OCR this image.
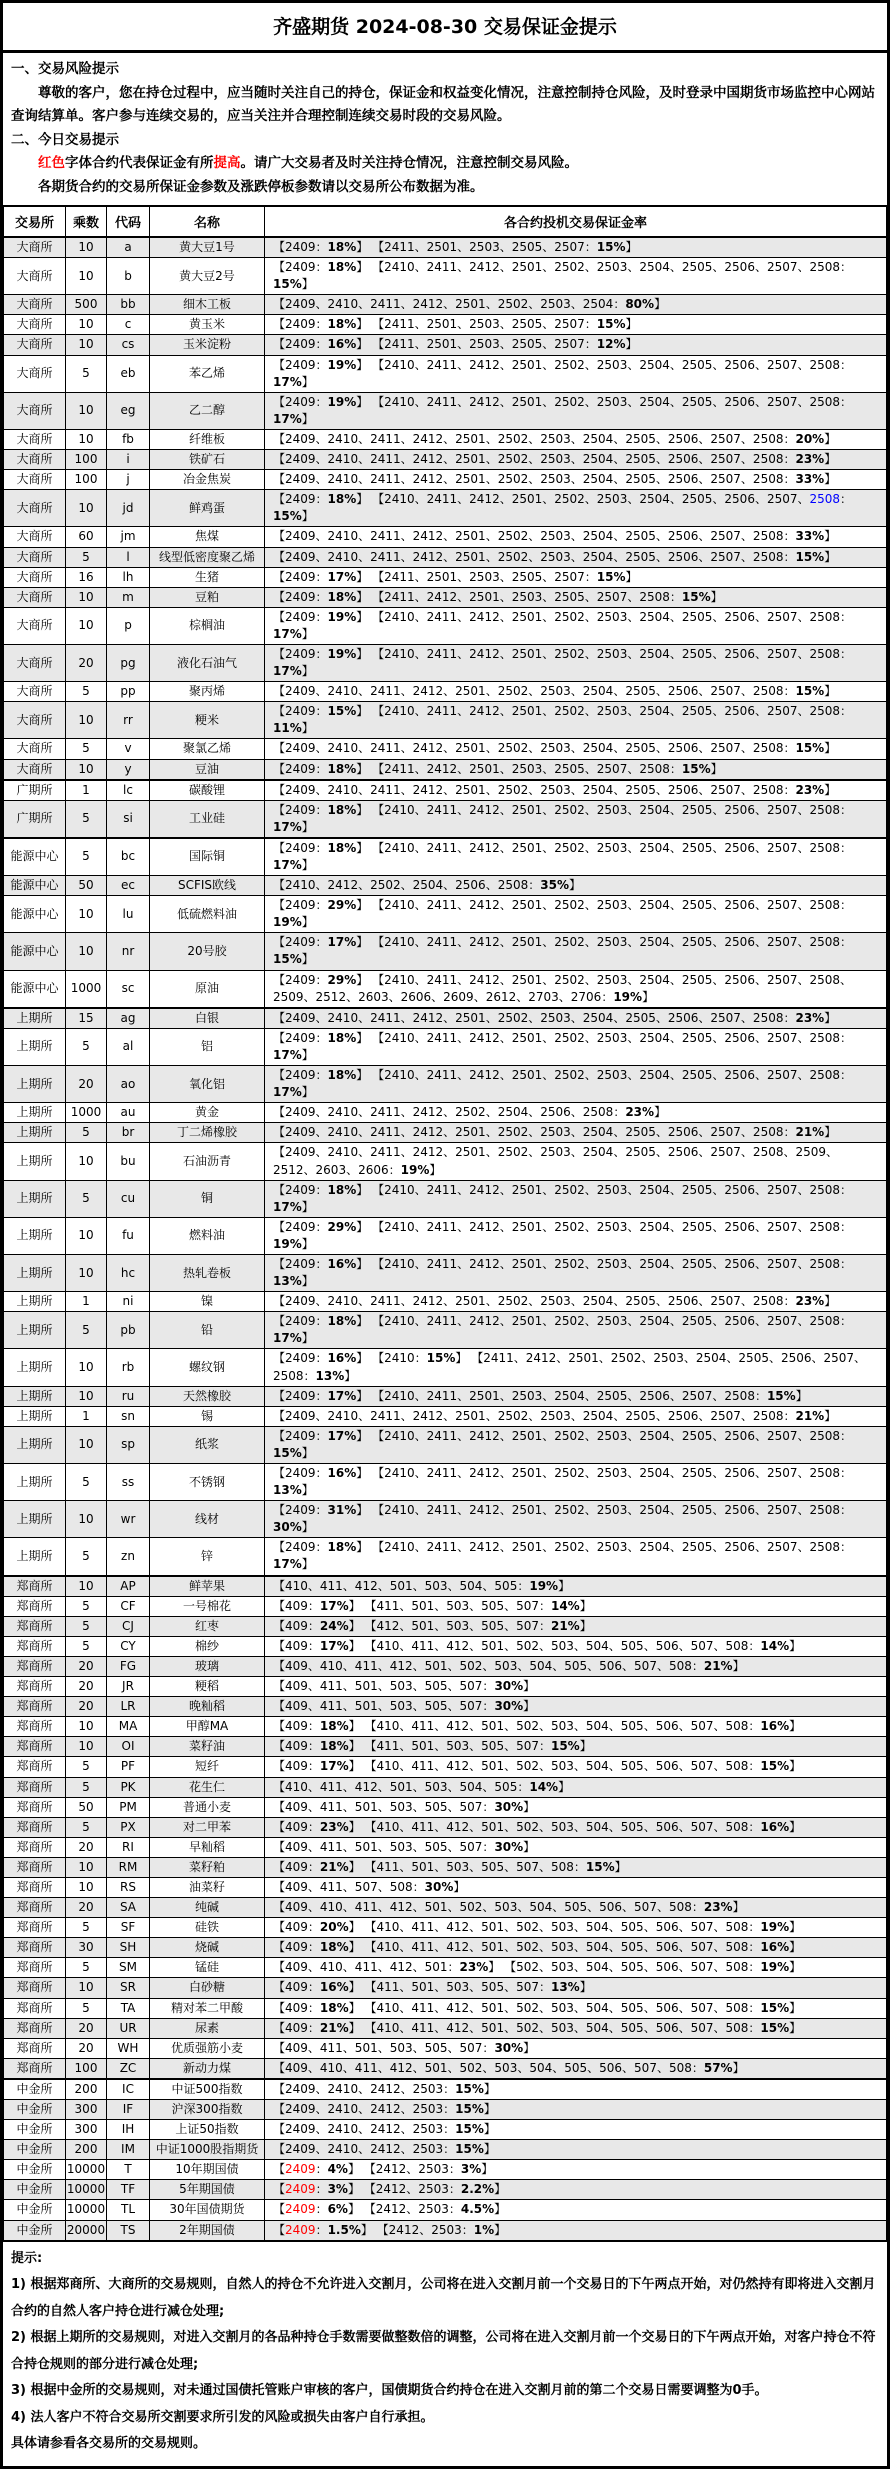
齐盛期货 2024-08-30 交易保证金提示

一、交易风险提示

尊敬的客户，您在持仓过程中，应当随时关注自己的持仓，保证金和权益变化情况，注意控制持仓风险，及时登录中国期货市场监控中心网站查询结算单。客户参与连续交易的，应当关注并合理控制连续交易时段的交易风险。

二、今日交易提示

红色字体合约代表保证金有所提高。请广大交易者及时关注持仓情况，注意控制交易风险。

各期货合约的交易所保证金参数及涨跌停板参数请以交易所公布数据为准。

交易所	乘数	代码	名称	各合约投机交易保证金率
大商所	10	a	黄大豆1号	【2409：18%】 【2411、2501、2503、2505、2507：15%】
大商所	10	b	黄大豆2号	【2409：18%】 【2410、2411、2412、2501、2502、2503、2504、2505、2506、2507、2508：15%】
大商所	500	bb	细木工板	【2409、2410、2411、2412、2501、2502、2503、2504：80%】
大商所	10	c	黄玉米	【2409：18%】 【2411、2501、2503、2505、2507：15%】
大商所	10	cs	玉米淀粉	【2409：16%】 【2411、2501、2503、2505、2507：12%】
大商所	5	eb	苯乙烯	【2409：19%】 【2410、2411、2412、2501、2502、2503、2504、2505、2506、2507、2508：17%】
大商所	10	eg	乙二醇	【2409：19%】 【2410、2411、2412、2501、2502、2503、2504、2505、2506、2507、2508：17%】
大商所	10	fb	纤维板	【2409、2410、2411、2412、2501、2502、2503、2504、2505、2506、2507、2508：20%】
大商所	100	i	铁矿石	【2409、2410、2411、2412、2501、2502、2503、2504、2505、2506、2507、2508：23%】
大商所	100	j	冶金焦炭	【2409、2410、2411、2412、2501、2502、2503、2504、2505、2506、2507、2508：33%】
大商所	10	jd	鲜鸡蛋	【2409：18%】 【2410、2411、2412、2501、2502、2503、2504、2505、2506、2507、2508：15%】
大商所	60	jm	焦煤	【2409、2410、2411、2412、2501、2502、2503、2504、2505、2506、2507、2508：33%】
大商所	5	l	线型低密度聚乙烯	【2409、2410、2411、2412、2501、2502、2503、2504、2505、2506、2507、2508：15%】
大商所	16	lh	生猪	【2409：17%】 【2411、2501、2503、2505、2507：15%】
大商所	10	m	豆粕	【2409：18%】 【2411、2412、2501、2503、2505、2507、2508：15%】
大商所	10	p	棕榈油	【2409：19%】 【2410、2411、2412、2501、2502、2503、2504、2505、2506、2507、2508：17%】
大商所	20	pg	液化石油气	【2409：19%】 【2410、2411、2412、2501、2502、2503、2504、2505、2506、2507、2508：17%】
大商所	5	pp	聚丙烯	【2409、2410、2411、2412、2501、2502、2503、2504、2505、2506、2507、2508：15%】
大商所	10	rr	粳米	【2409：15%】 【2410、2411、2412、2501、2502、2503、2504、2505、2506、2507、2508：11%】
大商所	5	v	聚氯乙烯	【2409、2410、2411、2412、2501、2502、2503、2504、2505、2506、2507、2508：15%】
大商所	10	y	豆油	【2409：18%】 【2411、2412、2501、2503、2505、2507、2508：15%】
广期所	1	lc	碳酸锂	【2409、2410、2411、2412、2501、2502、2503、2504、2505、2506、2507、2508：23%】
广期所	5	si	工业硅	【2409：18%】 【2410、2411、2412、2501、2502、2503、2504、2505、2506、2507、2508：17%】
能源中心	5	bc	国际铜	【2409：18%】 【2410、2411、2412、2501、2502、2503、2504、2505、2506、2507、2508：17%】
能源中心	50	ec	SCFIS欧线	【2410、2412、2502、2504、2506、2508：35%】
能源中心	10	lu	低硫燃料油	【2409：29%】 【2410、2411、2412、2501、2502、2503、2504、2505、2506、2507、2508：19%】
能源中心	10	nr	20号胶	【2409：17%】 【2410、2411、2412、2501、2502、2503、2504、2505、2506、2507、2508：15%】
能源中心	1000	sc	原油	【2409：29%】 【2410、2411、2412、2501、2502、2503、2504、2505、2506、2507、2508、2509、2512、2603、2606、2609、2612、2703、2706：19%】
上期所	15	ag	白银	【2409、2410、2411、2412、2501、2502、2503、2504、2505、2506、2507、2508：23%】
上期所	5	al	铝	【2409：18%】 【2410、2411、2412、2501、2502、2503、2504、2505、2506、2507、2508：17%】
上期所	20	ao	氧化铝	【2409：18%】 【2410、2411、2412、2501、2502、2503、2504、2505、2506、2507、2508：17%】
上期所	1000	au	黄金	【2409、2410、2411、2412、2502、2504、2506、2508：23%】
上期所	5	br	丁二烯橡胶	【2409、2410、2411、2412、2501、2502、2503、2504、2505、2506、2507、2508：21%】
上期所	10	bu	石油沥青	【2409、2410、2411、2412、2501、2502、2503、2504、2505、2506、2507、2508、2509、2512、2603、2606：19%】
上期所	5	cu	铜	【2409：18%】 【2410、2411、2412、2501、2502、2503、2504、2505、2506、2507、2508：17%】
上期所	10	fu	燃料油	【2409：29%】 【2410、2411、2412、2501、2502、2503、2504、2505、2506、2507、2508：19%】
上期所	10	hc	热轧卷板	【2409：16%】 【2410、2411、2412、2501、2502、2503、2504、2505、2506、2507、2508：13%】
上期所	1	ni	镍	【2409、2410、2411、2412、2501、2502、2503、2504、2505、2506、2507、2508：23%】
上期所	5	pb	铅	【2409：18%】 【2410、2411、2412、2501、2502、2503、2504、2505、2506、2507、2508：17%】
上期所	10	rb	螺纹钢	【2409：16%】 【2410：15%】 【2411、2412、2501、2502、2503、2504、2505、2506、2507、2508：13%】
上期所	10	ru	天然橡胶	【2409：17%】 【2410、2411、2501、2503、2504、2505、2506、2507、2508：15%】
上期所	1	sn	锡	【2409、2410、2411、2412、2501、2502、2503、2504、2505、2506、2507、2508：21%】
上期所	10	sp	纸浆	【2409：17%】 【2410、2411、2412、2501、2502、2503、2504、2505、2506、2507、2508：15%】
上期所	5	ss	不锈钢	【2409：16%】 【2410、2411、2412、2501、2502、2503、2504、2505、2506、2507、2508：13%】
上期所	10	wr	线材	【2409：31%】 【2410、2411、2412、2501、2502、2503、2504、2505、2506、2507、2508：30%】
上期所	5	zn	锌	【2409：18%】 【2410、2411、2412、2501、2502、2503、2504、2505、2506、2507、2508：17%】
郑商所	10	AP	鲜苹果	【410、411、412、501、503、504、505：19%】
郑商所	5	CF	一号棉花	【409：17%】 【411、501、503、505、507：14%】
郑商所	5	CJ	红枣	【409：24%】 【412、501、503、505、507：21%】
郑商所	5	CY	棉纱	【409：17%】 【410、411、412、501、502、503、504、505、506、507、508：14%】
郑商所	20	FG	玻璃	【409、410、411、412、501、502、503、504、505、506、507、508：21%】
郑商所	20	JR	粳稻	【409、411、501、503、505、507：30%】
郑商所	20	LR	晚籼稻	【409、411、501、503、505、507：30%】
郑商所	10	MA	甲醇MA	【409：18%】 【410、411、412、501、502、503、504、505、506、507、508：16%】
郑商所	10	OI	菜籽油	【409：18%】 【411、501、503、505、507：15%】
郑商所	5	PF	短纤	【409：17%】 【410、411、412、501、502、503、504、505、506、507、508：15%】
郑商所	5	PK	花生仁	【410、411、412、501、503、504、505：14%】
郑商所	50	PM	普通小麦	【409、411、501、503、505、507：30%】
郑商所	5	PX	对二甲苯	【409：23%】 【410、411、412、501、502、503、504、505、506、507、508：16%】
郑商所	20	RI	早籼稻	【409、411、501、503、505、507：30%】
郑商所	10	RM	菜籽粕	【409：21%】 【411、501、503、505、507、508：15%】
郑商所	10	RS	油菜籽	【409、411、507、508：30%】
郑商所	20	SA	纯碱	【409、410、411、412、501、502、503、504、505、506、507、508：23%】
郑商所	5	SF	硅铁	【409：20%】 【410、411、412、501、502、503、504、505、506、507、508：19%】
郑商所	30	SH	烧碱	【409：18%】 【410、411、412、501、502、503、504、505、506、507、508：16%】
郑商所	5	SM	锰硅	【409、410、411、412、501：23%】 【502、503、504、505、506、507、508：19%】
郑商所	10	SR	白砂糖	【409：16%】 【411、501、503、505、507：13%】
郑商所	5	TA	精对苯二甲酸	【409：18%】 【410、411、412、501、502、503、504、505、506、507、508：15%】
郑商所	20	UR	尿素	【409：21%】 【410、411、412、501、502、503、504、505、506、507、508：15%】
郑商所	20	WH	优质强筋小麦	【409、411、501、503、505、507：30%】
郑商所	100	ZC	新动力煤	【409、410、411、412、501、502、503、504、505、506、507、508：57%】
中金所	200	IC	中证500指数	【2409、2410、2412、2503：15%】
中金所	300	IF	沪深300指数	【2409、2410、2412、2503：15%】
中金所	300	IH	上证50指数	【2409、2410、2412、2503：15%】
中金所	200	IM	中证1000股指期货	【2409、2410、2412、2503：15%】
中金所	10000	T	10年期国债	【2409：4%】 【2412、2503：3%】
中金所	10000	TF	5年期国债	【2409：3%】 【2412、2503：2.2%】
中金所	10000	TL	30年国债期货	【2409：6%】 【2412、2503：4.5%】
中金所	20000	TS	2年期国债	【2409：1.5%】 【2412、2503：1%】

提示:

1) 根据郑商所、大商所的交易规则，自然人的持仓不允许进入交割月，公司将在进入交割月前一个交易日的下午两点开始，对仍然持有即将进入交割月合约的自然人客户持仓进行减仓处理;

2) 根据上期所的交易规则，对进入交割月的各品种持仓手数需要做整数倍的调整，公司将在进入交割月前一个交易日的下午两点开始，对客户持仓不符合持仓规则的部分进行减仓处理;

3) 根据中金所的交易规则，对未通过国债托管账户审核的客户，国债期货合约持仓在进入交割月前的第二个交易日需要调整为0手。

4) 法人客户不符合交易所交割要求所引发的风险或损失由客户自行承担。

具体请参看各交易所的交易规则。
